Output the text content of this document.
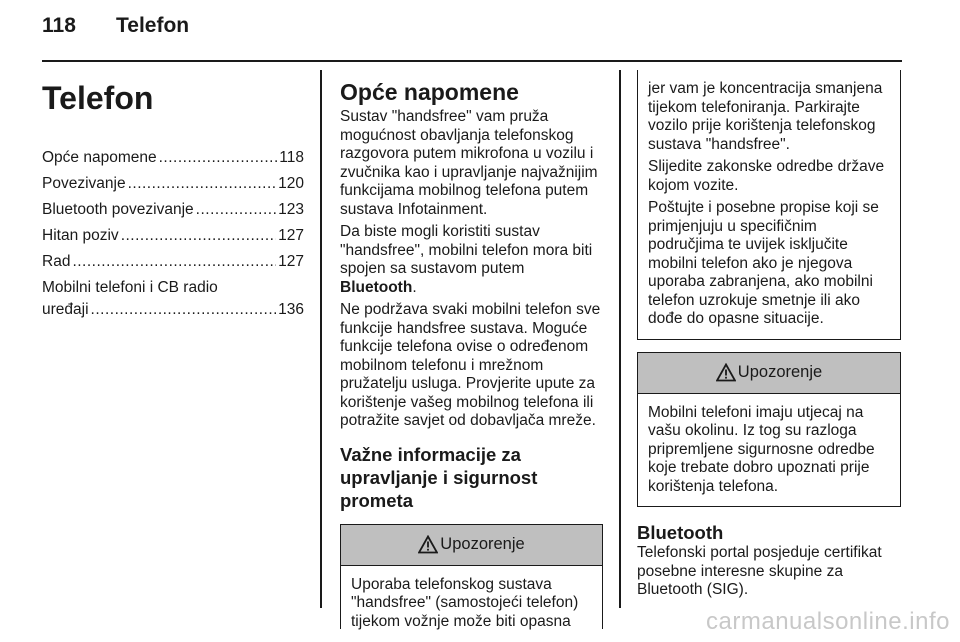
118 Telefon
Telefon
Opće napomene .....	118
Povezivanje .....	120
Bluetooth povezivanje .....	123
Hitan poziv .....	127
Rad .....	127
Mobilni telefoni i CB radio
uređaji .....	136
Opće napomene

Sustav "handsfree" vam pruža mogućnost obavljanja telefonskog razgovora putem mikrofona u vozilu i zvučnika kao i upravljanje najvažnijim funkcijama mobilnog telefona putem sustava Infotainment.

Da biste mogli koristiti sustav "handsfree", mobilni telefon mora biti spojen sa sustavom putem
Bluetooth.

Ne podržava svaki mobilni telefon sve funkcije handsfree sustava. Moguće funkcije telefona ovise o određenom mobilnom telefonu i mrežnom pružatelju usluga. Provjerite upute za korištenje vašeg mobilnog telefona ili potražite savjet od dobavljača mreže.

Važne informacije za upravljanje i sigurnost prometa
Upozorenje
Uporaba telefonskog sustava "handsfree" (samostojeći telefon) tijekom vožnje može biti opasna

jer vam je koncentracija smanjena tijekom telefoniranja. Parkirajte vozilo prije korištenja telefonskog sustava "handsfree".

Slijedite zakonske odredbe države kojom vozite.

Poštujte i posebne propise koji se primjenjuju u specifičnim područjima te uvijek isključite mobilni telefon ako je njegova uporaba zabranjena, ako mobilni telefon uzrokuje smetnje ili ako dođe do opasne situacije.

Upozorenje
Mobilni telefoni imaju utjecaj na vašu okolinu. Iz tog su razloga pripremljene sigurnosne odredbe koje trebate dobro upoznati prije korištenja telefona.
Bluetooth

Telefonski portal posjeduje certifikat posebne interesne skupine za Bluetooth (SIG).

carmanualsonline.info
